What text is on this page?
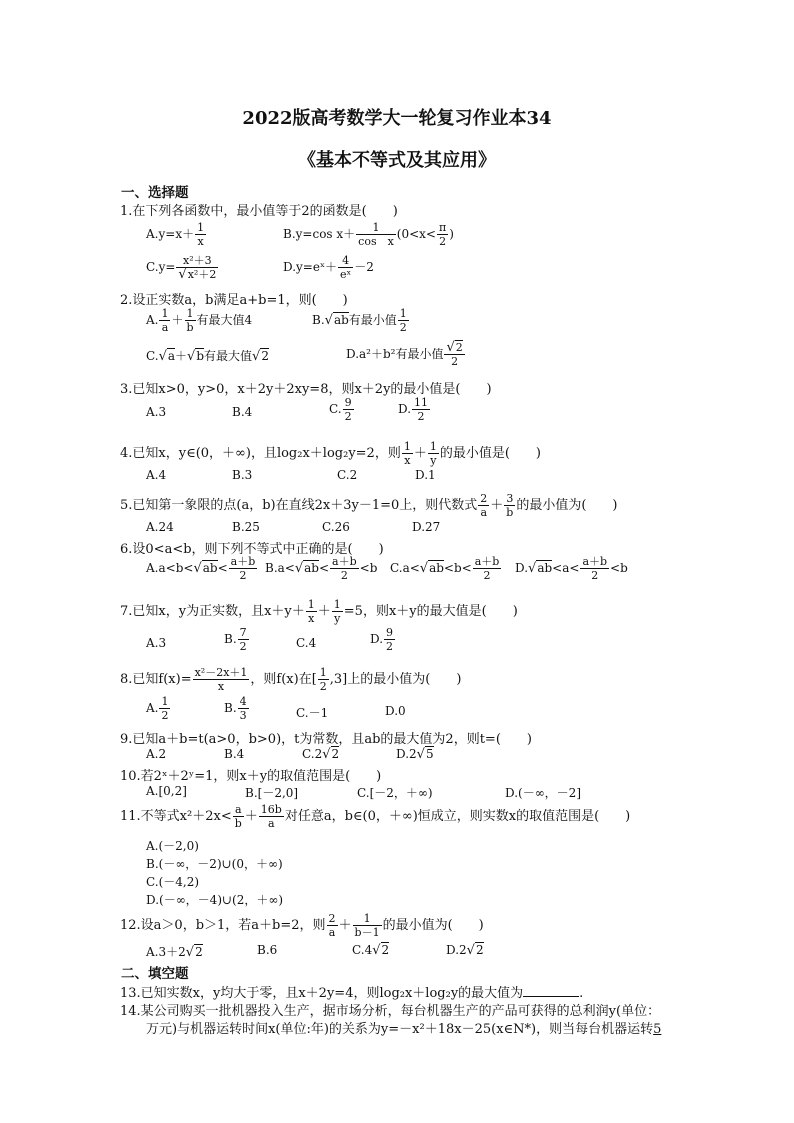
2022版高考数学大一轮复习作业本34
《基本不等式及其应用》
一、选择题
1.在下列各函数中，最小值等于2的函数是(　　)
$A.y=x+ \frac{1}{x}$	B.y=cos $x+ \frac{1}{\text{cos　x}} (0<x< \frac{\pi}{2}$ )
$C.y= \frac{\text{x²＋3}}{\text{√x²＋2}}$	D.y=eˣ＋ $\frac{4}{\text{eˣ}} -2$
2.设正实数a，b满足a+b=1，则(　　)
A. $\frac{1}{a} + \frac{1}{b}$ 有最大值4	B.√ab有最小值 $\frac{1}{2}$
C.√a＋√b有最大值√2	D.a²＋b²有最小值 $\frac{√2}{2}$
3.已知x>0，y>0，x＋2y＋2xy=8，则x＋2y的最小值是(　　)
A.3	B.4	C. $\frac{9}{2}$	D. $\frac{11}{2}$
4.已知x，y∈(0，＋∞)，且log₂x＋log₂y=2，则 $\frac{1}{x} + \frac{1}{y}$ 的最小值是(　　)
A.4	B.3	C.2	D.1
5.已知第一象限的点(a，b)在直线2x＋3y－1=0上，则代数式 $\frac{2}{a} + \frac{3}{b}$ 的最小值为(　　)
A.24	B.25	C.26	D.27
6.设0<a<b，则下列不等式中正确的是(　　)
$A.a<b<√ab< \frac{a+b}{2} B.a<√ab< \frac{a+b}{2} <b$ $C.a<√ab<b< \frac{a+b}{2} D.√ab<a< \frac{a+b}{2} <b$
7.已知x，y为正实数，且$x+y+ \frac{1}{x} + \frac{1}{y} =5$，则x＋y的最大值是(　　)
A.3	B. $\frac{7}{2}$	C.4	D. $\frac{9}{2}$
8.已知$f(x)= \frac{\text{x²－2x＋1}}{x}$ ，则f(x)在[ $\frac{1}{2} ,3$]上的最小值为(　　)
A. $\frac{1}{2}$	B. $\frac{4}{3}$	C.－1	D.0
9.已知a＋b=t(a>0，b>0)，t为常数，且ab的最大值为2，则t=(　　)
A.2	B.4	C.2√2	D.2√5
10.若2ˣ＋2ʸ=1，则x＋y的取值范围是(　　)
A.[0,2]	B.[－2,0]	C.[－2，＋∞)	D.(－∞，－2]
11.不等式$x^2+2x< \frac{a}{b} + \frac{16b}{a}$ 对任意a，b∈(0，＋∞)恒成立，则实数x的取值范围是(　　)
A.(－2,0)
B.(－∞，－2)∪(0，＋∞)
C.(－4,2)
D.(－∞，－4)∪(2，＋∞)
12.设a＞0，b＞1，若a＋b=2，则 $\frac{2}{a} + \frac{1}{b-1}$ 的最小值为(　　)
A.3＋2√2	B.6	C.4√2	D.2√2
二、填空题
13.已知实数x，y均大于零，且x＋2y=4，则log₂x＋log₂y的最大值为	.
14.某公司购买一批机器投入生产，据市场分析，每台机器生产的产品可获得的总利润y(单位：
万元)与机器运转时间x(单位:年)的关系为y=－x²＋18x－25(x∈N*)，则当每台机器运转5
